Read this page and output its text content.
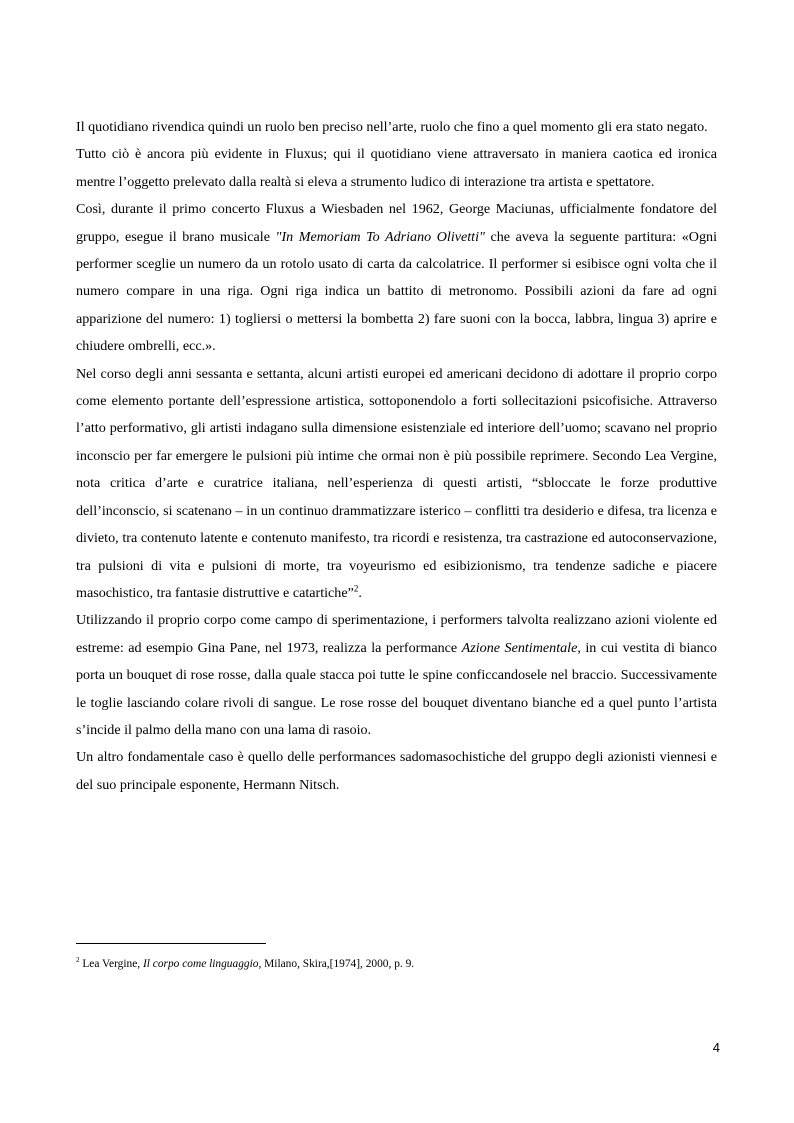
Il quotidiano rivendica quindi un ruolo ben preciso nell’arte, ruolo che fino a quel momento gli era stato negato.

Tutto ciò è ancora più evidente in Fluxus; qui il quotidiano viene attraversato in maniera caotica ed ironica mentre l’oggetto prelevato dalla realtà si eleva a strumento ludico di interazione tra artista e spettatore.

Così, durante il primo concerto Fluxus a Wiesbaden nel 1962, George Maciunas, ufficialmente fondatore del gruppo, esegue il brano musicale "In Memoriam To Adriano Olivetti" che aveva la seguente partitura: «Ogni performer sceglie un numero da un rotolo usato di carta da calcolatrice. Il performer si esibisce ogni volta che il numero compare in una riga. Ogni riga indica un battito di metronomo. Possibili azioni da fare ad ogni apparizione del numero: 1) togliersi o mettersi la bombetta 2) fare suoni con la bocca, labbra, lingua 3) aprire e chiudere ombrelli, ecc.».

Nel corso degli anni sessanta e settanta, alcuni artisti europei ed americani decidono di adottare il proprio corpo come elemento portante dell’espressione artistica, sottoponendolo a forti sollecitazioni psicofisiche. Attraverso l’atto performativo, gli artisti indagano sulla dimensione esistenziale ed interiore dell’uomo; scavano nel proprio inconscio per far emergere le pulsioni più intime che ormai non è più possibile reprimere. Secondo Lea Vergine, nota critica d’arte e curatrice italiana, nell’esperienza di questi artisti, “sbloccate le forze produttive dell’inconscio, si scatenano – in un continuo drammatizzare isterico – conflitti tra desiderio e difesa, tra licenza e divieto, tra contenuto latente e contenuto manifesto, tra ricordi e resistenza, tra castrazione ed autoconservazione, tra pulsioni di vita e pulsioni di morte, tra voyeurismo ed esibizionismo, tra tendenze sadiche e piacere masochistico, tra fantasie distruttive e catartiche”$^2$.

Utilizzando il proprio corpo come campo di sperimentazione, i performers talvolta realizzano azioni violente ed estreme: ad esempio Gina Pane, nel 1973, realizza la performance Azione Sentimentale, in cui vestita di bianco porta un bouquet di rose rosse, dalla quale stacca poi tutte le spine conficcandosele nel braccio. Successivamente le toglie lasciando colare rivoli di sangue. Le rose rosse del bouquet diventano bianche ed a quel punto l’artista s’incide il palmo della mano con una lama di rasoio.

Un altro fondamentale caso è quello delle performances sadomasochistiche del gruppo degli azionisti viennesi e del suo principale esponente, Hermann Nitsch.

$^2$ Lea Vergine, Il corpo come linguaggio, Milano, Skira,[1974], 2000, p. 9.
4
